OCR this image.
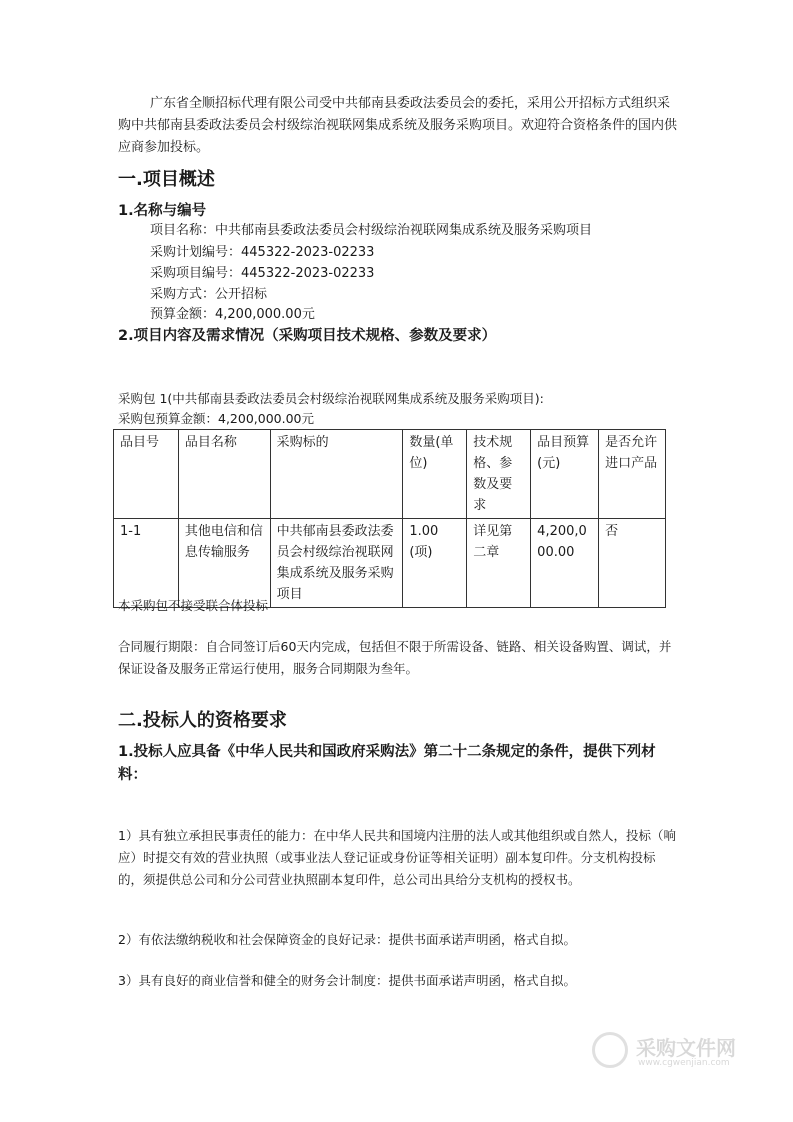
广东省全顺招标代理有限公司受中共郁南县委政法委员会的委托，采用公开招标方式组织采购中共郁南县委政法委员会村级综治视联网集成系统及服务采购项目。欢迎符合资格条件的国内供应商参加投标。

一.项目概述
1.名称与编号

项目名称：中共郁南县委政法委员会村级综治视联网集成系统及服务采购项目

采购计划编号：445322-2023-02233

采购项目编号：445322-2023-02233

采购方式：公开招标

预算金额：4,200,000.00元

2.项目内容及需求情况（采购项目技术规格、参数及要求）

采购包 1(中共郁南县委政法委员会村级综治视联网集成系统及服务采购项目):

采购包预算金额：4,200,000.00元

品目号	品目名称	采购标的	数量(单位)	技术规格、参数及要求	品目预算(元)	是否允许进口产品
1-1	其他电信和信息传输服务	中共郁南县委政法委员会村级综治视联网集成系统及服务采购项目	1.00(项)	详见第二章	4,200,000.00	否

本采购包不接受联合体投标

合同履行期限：自合同签订后60天内完成，包括但不限于所需设备、链路、相关设备购置、调试，并保证设备及服务正常运行使用，服务合同期限为叁年。

二.投标人的资格要求
1.投标人应具备《中华人民共和国政府采购法》第二十二条规定的条件，提供下列材料：

1）具有独立承担民事责任的能力：在中华人民共和国境内注册的法人或其他组织或自然人，投标（响应）时提交有效的营业执照（或事业法人登记证或身份证等相关证明）副本复印件。分支机构投标的，须提供总公司和分公司营业执照副本复印件，总公司出具给分支机构的授权书。

2）有依法缴纳税收和社会保障资金的良好记录：提供书面承诺声明函，格式自拟。

3）具有良好的商业信誉和健全的财务会计制度：提供书面承诺声明函，格式自拟。

采购文件网
www.cgwenjian.com
